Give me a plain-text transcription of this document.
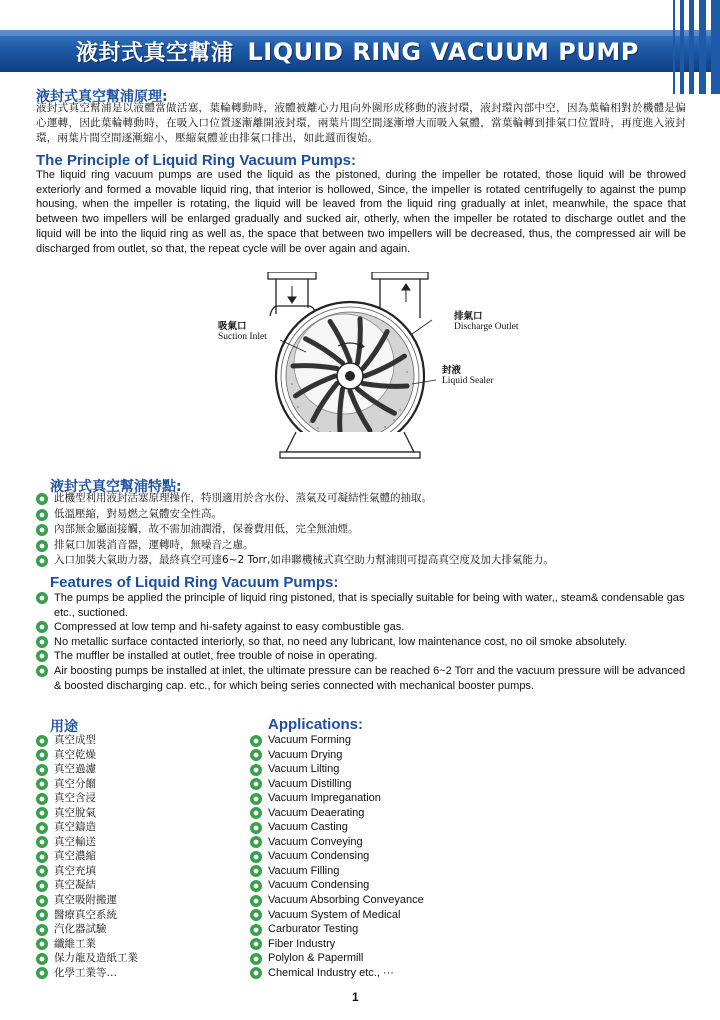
液封式真空幫浦 LIQUID RING VACUUM PUMP
液封式真空幫浦原理:
液封式真空幫浦是以液體當做活塞，葉輪轉動時，液體被離心力甩向外圍形成移動的液封環，液封環內部中空，因為葉輪相對於機體是偏心運轉，因此葉輪轉動時，在吸入口位置逐漸離開液封環，兩葉片間空間逐漸增大而吸入氣體，當葉輪轉到排氣口位置時，再度進入液封環，兩葉片間空間逐漸縮小，壓縮氣體並由排氣口排出，如此週而復始。
The Principle of Liquid Ring Vacuum Pumps:
The liquid ring vacuum pumps are used the liquid as the pistoned, during the impeller be rotated, those liquid will be throwed exteriorly and formed a movable liquid ring, that interior is hollowed, Since, the impeller is rotated centrifugelly to against the pump housing, when the impeller is rotating, the liquid will be leaved from the liquid ring gradually at inlet, meanwhile, the space that between two impellers will be enlarged gradually and sucked air, otherly, when the impeller be rotated to discharge outlet and the liquid will be into the liquid ring as well as, the space that between two impellers will be decreased, thus, the compressed air will be discharged from outlet, so that, the repeat cycle will be over again and again.
吸氣口
Suction Inlet
排氣口
Discharge Outlet
封液
Liquid Sealer
液封式真空幫浦特點:
此機型利用液封活塞原理操作，特別適用於含水份、蒸氣及可凝結性氣體的抽取。
低溫壓縮，對易燃之氣體安全性高。
內部無金屬面接觸，故不需加油潤滑，保養費用低，完全無油煙。
排氣口加裝消音器，運轉時，無噪音之慮。
入口加裝大氣助力器，最終真空可達6~2 Torr,如串聯機械式真空助力幫浦則可提高真空度及加大排氣能力。
Features of Liquid Ring Vacuum Pumps:
The pumps be applied the principle of liquid ring pistoned, that is specially suitable for being with water,, steam& condensable gas etc., suctioned.
Compressed at low temp and hi-safety against to easy combustible gas.
No metallic surface contacted interiorly, so that, no need any lubricant, low maintenance cost, no oil smoke absolutely.
The muffler be installed at outlet, free trouble of noise in operating.
Air boosting pumps be installed at inlet, the ultimate pressure can be reached 6~2 Torr and the vacuum pressure will be advanced & boosted discharging cap. etc., for which being series connected with mechanical booster pumps.
用途
真空成型
真空乾燥
真空過濾
真空分餾
真空含浸
真空脫氣
真空鑄造
真空輸送
真空濃縮
真空充填
真空凝結
真空吸附搬運
醫療真空系統
汽化器試驗
纖維工業
保力龍及造紙工業
化學工業等…
Applications:
Vacuum Forming
Vacuum Drying
Vacuum Lilting
Vacuum Distilling
Vacuum Impreganation
Vacuum Deaerating
Vacuum Casting
Vacuum Conveying
Vacuum Condensing
Vacuum Filling
Vacuum Condensing
Vacuum Absorbing Conveyance
Vacuum System of Medical
Carburator Testing
Fiber Industry
Polylon & Papermill
Chemical Industry etc., ···
1
